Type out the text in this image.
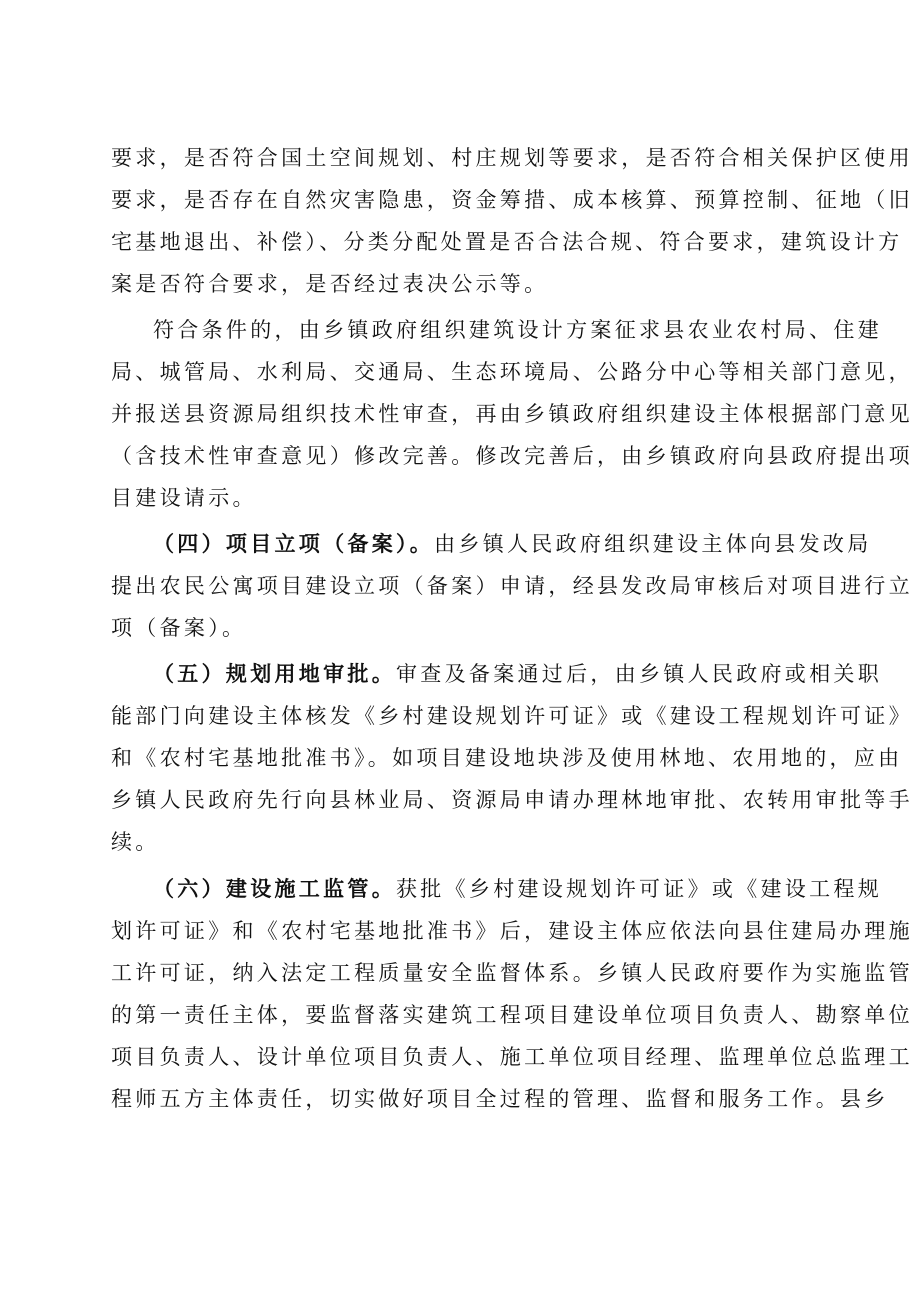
要求，是否符合国土空间规划、村庄规划等要求，是否符合相关保护区使用
要求，是否存在自然灾害隐患，资金筹措、成本核算、预算控制、征地（旧
宅基地退出、补偿）、分类分配处置是否合法合规、符合要求，建筑设计方
案是否符合要求，是否经过表决公示等。
符合条件的，由乡镇政府组织建筑设计方案征求县农业农村局、住建
局、城管局、水利局、交通局、生态环境局、公路分中心等相关部门意见，
并报送县资源局组织技术性审查，再由乡镇政府组织建设主体根据部门意见
（含技术性审查意见）修改完善。修改完善后，由乡镇政府向县政府提出项
目建设请示。
（四）项目立项（备案）。由乡镇人民政府组织建设主体向县发改局
提出农民公寓项目建设立项（备案）申请，经县发改局审核后对项目进行立
项（备案）。
（五）规划用地审批。审查及备案通过后，由乡镇人民政府或相关职
能部门向建设主体核发《乡村建设规划许可证》或《建设工程规划许可证》
和《农村宅基地批准书》。如项目建设地块涉及使用林地、农用地的，应由
乡镇人民政府先行向县林业局、资源局申请办理林地审批、农转用审批等手
续。
（六）建设施工监管。获批《乡村建设规划许可证》或《建设工程规
划许可证》和《农村宅基地批准书》后，建设主体应依法向县住建局办理施
工许可证，纳入法定工程质量安全监督体系。乡镇人民政府要作为实施监管
的第一责任主体，要监督落实建筑工程项目建设单位项目负责人、勘察单位
项目负责人、设计单位项目负责人、施工单位项目经理、监理单位总监理工
程师五方主体责任，切实做好项目全过程的管理、监督和服务工作。县乡
